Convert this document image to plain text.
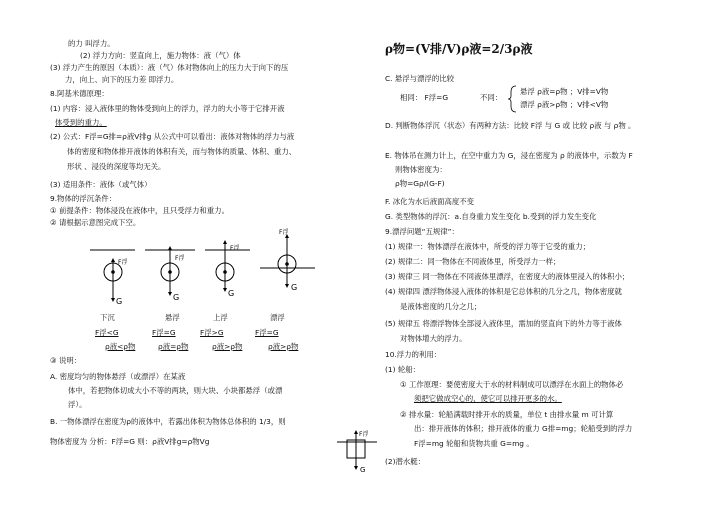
的力 叫浮力。
(2) 浮力方向：竖直向上，施力物体：液（气）体
(3) 浮力产生的原因（本质）：液（气）体对物体向上的压力大于向下的压
力，向上、向下的压力差 即浮力。
8.阿基米德原理：
(1) 内容：浸入液体里的物体受到向上的浮力，浮力的大小等于它排开液
体受到的重力。
(2) 公式：F浮=G排=ρ液V排g 从公式中可以看出：液体对物体的浮力与液
体的密度和物体排开液体的体积有关，而与物体的质量、体积、重力、
形状 、浸没的深度等均无关。
(3) 适用条件：液体（或气体）
9.物体的浮沉条件：
① 前提条件：物体浸没在液体中，且只受浮力和重力。
② 请根据示意图完成下空。
F浮
F浮
F浮
F浮
G	G	G
G
下沉	悬浮	上浮	漂浮
F浮<G	F浮=G	F浮>G	F浮=G
ρ液<ρ物	ρ液=ρ物	ρ液>ρ物	ρ液>ρ物
③ 说明：
A. 密度均匀的物体悬浮（或漂浮）在某液
体中，若把物体切成大小不等的两块，则大块、小块都悬浮（或漂
浮）。
B. 一物体漂浮在密度为ρ的液体中，若露出体积为物体总体积的 1/3，则
物体密度为 分析：F浮=G 则：ρ液V排g=ρ物Vg
F浮
G
ρ物=(V排/V)ρ液=2/3ρ液
C. 悬浮与漂浮的比较
相同： F浮=G	不同：
悬浮 ρ液=ρ物 ；V排=V物
漂浮 ρ液>ρ物 ；V排<V物
D. 判断物体浮沉（状态）有两种方法：比较 F浮 与 G 或 比较 ρ液 与 ρ物 。
E. 物体吊在测力计上，在空中重力为 G，浸在密度为 ρ 的液体中，示数为 F
则物体密度为：
ρ物=Gρ/(G-F)
F. 冰化为水后液面高度不变
G. 类型物体的浮沉：a.自身重力发生变化 b.受到的浮力发生变化
9.漂浮问题“五规律”：
(1) 规律一：物体漂浮在液体中，所受的浮力等于它受的重力；
(2) 规律二：同一物体在不同液体里，所受浮力一样；
(3) 规律三 同一物体在不同液体里漂浮，在密度大的液体里浸入的体积小；
(4) 规律四 漂浮物体浸入液体的体积是它总体积的几分之几，物体密度就
是液体密度的几分之几；
(5) 规律五 将漂浮物体全部浸入液体里，需加的竖直向下的外力等于液体
对物体增大的浮力。
10.浮力的利用：
(1) 轮船：
① 工作原理：要使密度大于水的材料制成可以漂浮在水面上的物体必
须把它做成空心的，使它可以排开更多的水。
② 排水量：轮船满载时排开水的质量，单位 t 由排水量 m 可计算
出：排开液体的体积；排开液体的重力 G排=mg；轮船受到的浮力
F浮=mg 轮船和货物共重 G=mg 。
(2)潜水艇：
